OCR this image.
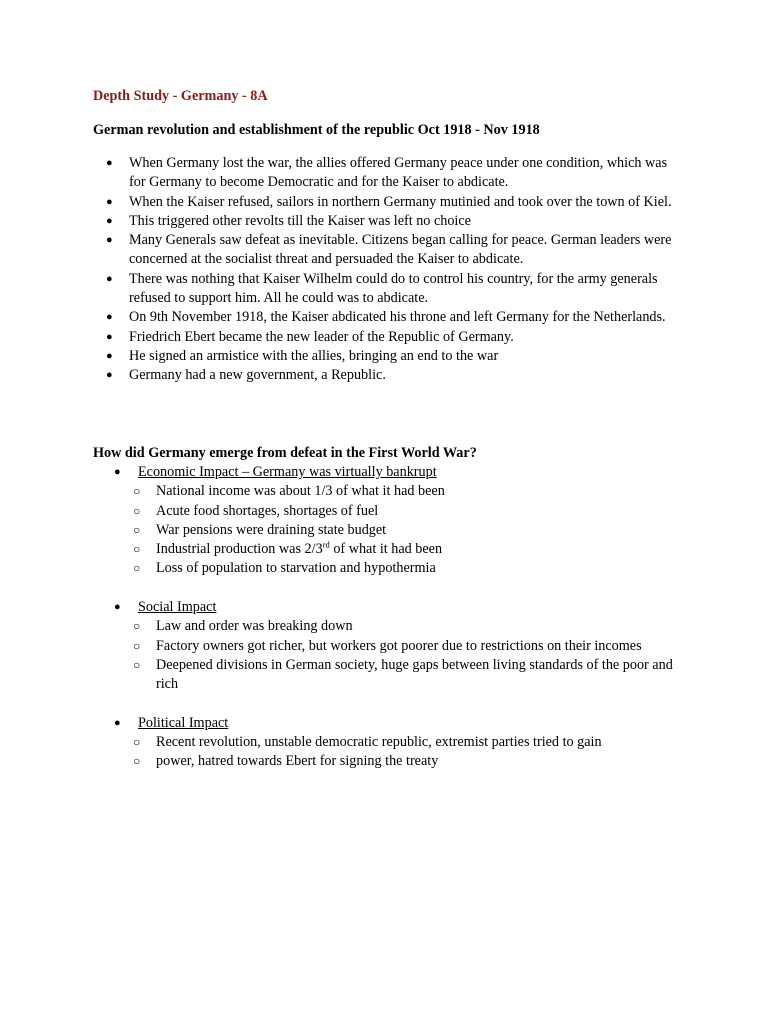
Depth Study - Germany - 8A
German revolution and establishment of the republic Oct 1918 - Nov 1918
● When Germany lost the war, the allies offered Germany peace under one condition, which was for Germany to become Democratic and for the Kaiser to abdicate.
● When the Kaiser refused, sailors in northern Germany mutinied and took over the town of Kiel.
● This triggered other revolts till the Kaiser was left no choice
● Many Generals saw defeat as inevitable. Citizens began calling for peace. German leaders were concerned at the socialist threat and persuaded the Kaiser to abdicate.
● There was nothing that Kaiser Wilhelm could do to control his country, for the army generals refused to support him. All he could was to abdicate.
● On 9th November 1918, the Kaiser abdicated his throne and left Germany for the Netherlands.
● Friedrich Ebert became the new leader of the Republic of Germany.
● He signed an armistice with the allies, bringing an end to the war
● Germany had a new government, a Republic.
How did Germany emerge from defeat in the First World War?
● Economic Impact – Germany was virtually bankrupt
○ National income was about 1/3 of what it had been
○ Acute food shortages, shortages of fuel
○ War pensions were draining state budget
○ Industrial production was 2/3rd of what it had been
○ Loss of population to starvation and hypothermia
● Social Impact
○ Law and order was breaking down
○ Factory owners got richer, but workers got poorer due to restrictions on their incomes
○ Deepened divisions in German society, huge gaps between living standards of the poor and rich
● Political Impact
○ Recent revolution, unstable democratic republic, extremist parties tried to gain
○ power, hatred towards Ebert for signing the treaty
